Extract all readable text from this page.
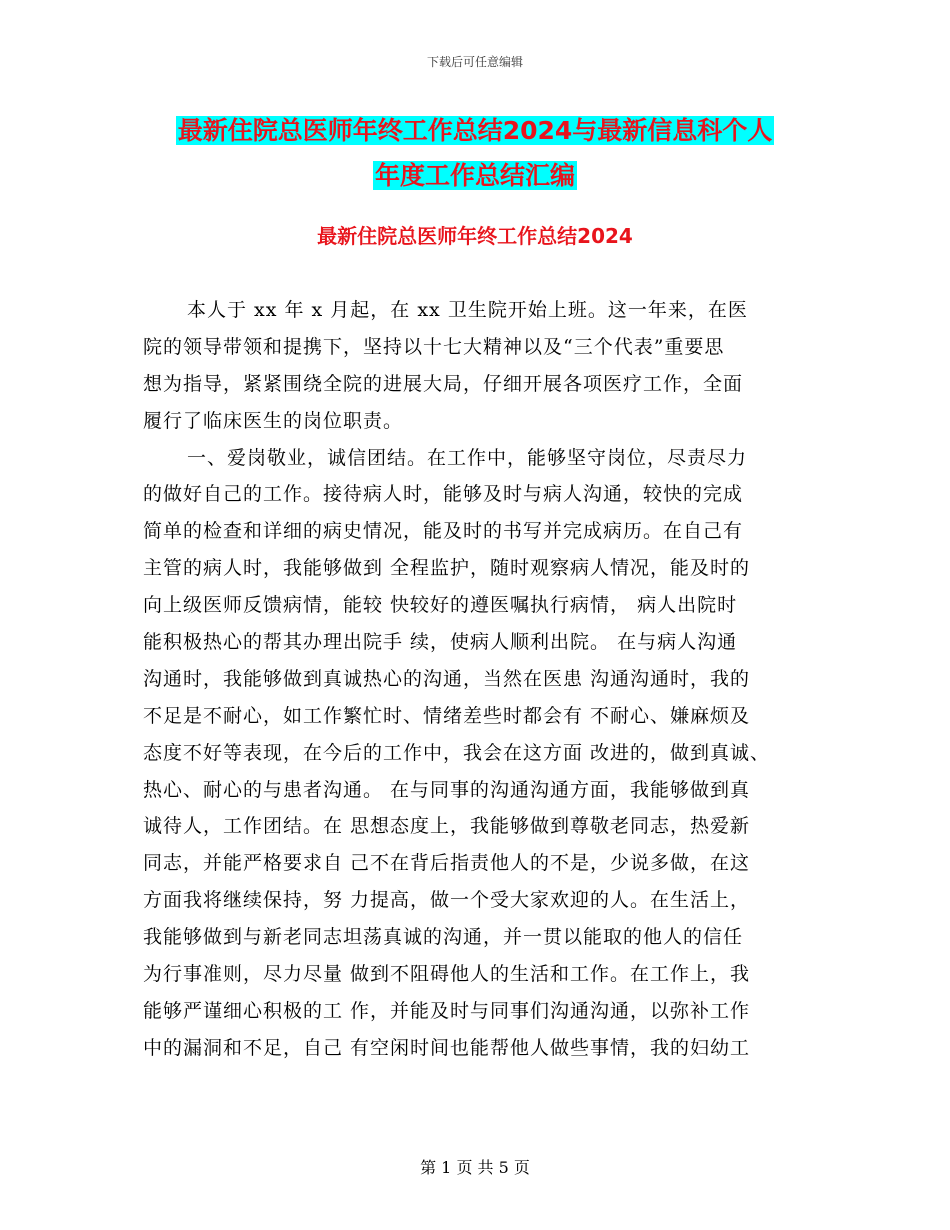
下载后可任意编辑
最新住院总医师年终工作总结2024与最新信息科个人
年度工作总结汇编
最新住院总医师年终工作总结2024
本人于 xx 年 x 月起，在 xx 卫生院开始上班。这一年来，在医
院的领导带领和提携下，坚持以十七大精神以及“三个代表”重要思
想为指导，紧紧围绕全院的进展大局，仔细开展各项医疗工作，全面
履行了临床医生的岗位职责。
一、爱岗敬业，诚信团结。在工作中，能够坚守岗位，尽责尽力
的做好自己的工作。接待病人时，能够及时与病人沟通，较快的完成
简单的检查和详细的病史情况，能及时的书写并完成病历。在自己有
主管的病人时，我能够做到 全程监护，随时观察病人情况，能及时的
向上级医师反馈病情，能较 快较好的遵医嘱执行病情， 病人出院时
能积极热心的帮其办理出院手 续，使病人顺利出院。 在与病人沟通
沟通时，我能够做到真诚热心的沟通，当然在医患 沟通沟通时，我的
不足是不耐心，如工作繁忙时、情绪差些时都会有 不耐心、嫌麻烦及
态度不好等表现，在今后的工作中，我会在这方面 改进的，做到真诚、
热心、耐心的与患者沟通。 在与同事的沟通沟通方面，我能够做到真
诚待人，工作团结。在 思想态度上，我能够做到尊敬老同志，热爱新
同志，并能严格要求自 己不在背后指责他人的不是，少说多做，在这
方面我将继续保持，努 力提高，做一个受大家欢迎的人。在生活上，
我能够做到与新老同志坦荡真诚的沟通，并一贯以能取的他人的信任
为行事准则，尽力尽量 做到不阻碍他人的生活和工作。在工作上，我
能够严谨细心积极的工 作，并能及时与同事们沟通沟通，以弥补工作
中的漏洞和不足，自己 有空闲时间也能帮他人做些事情，我的妇幼工
第 1 页 共 5 页
